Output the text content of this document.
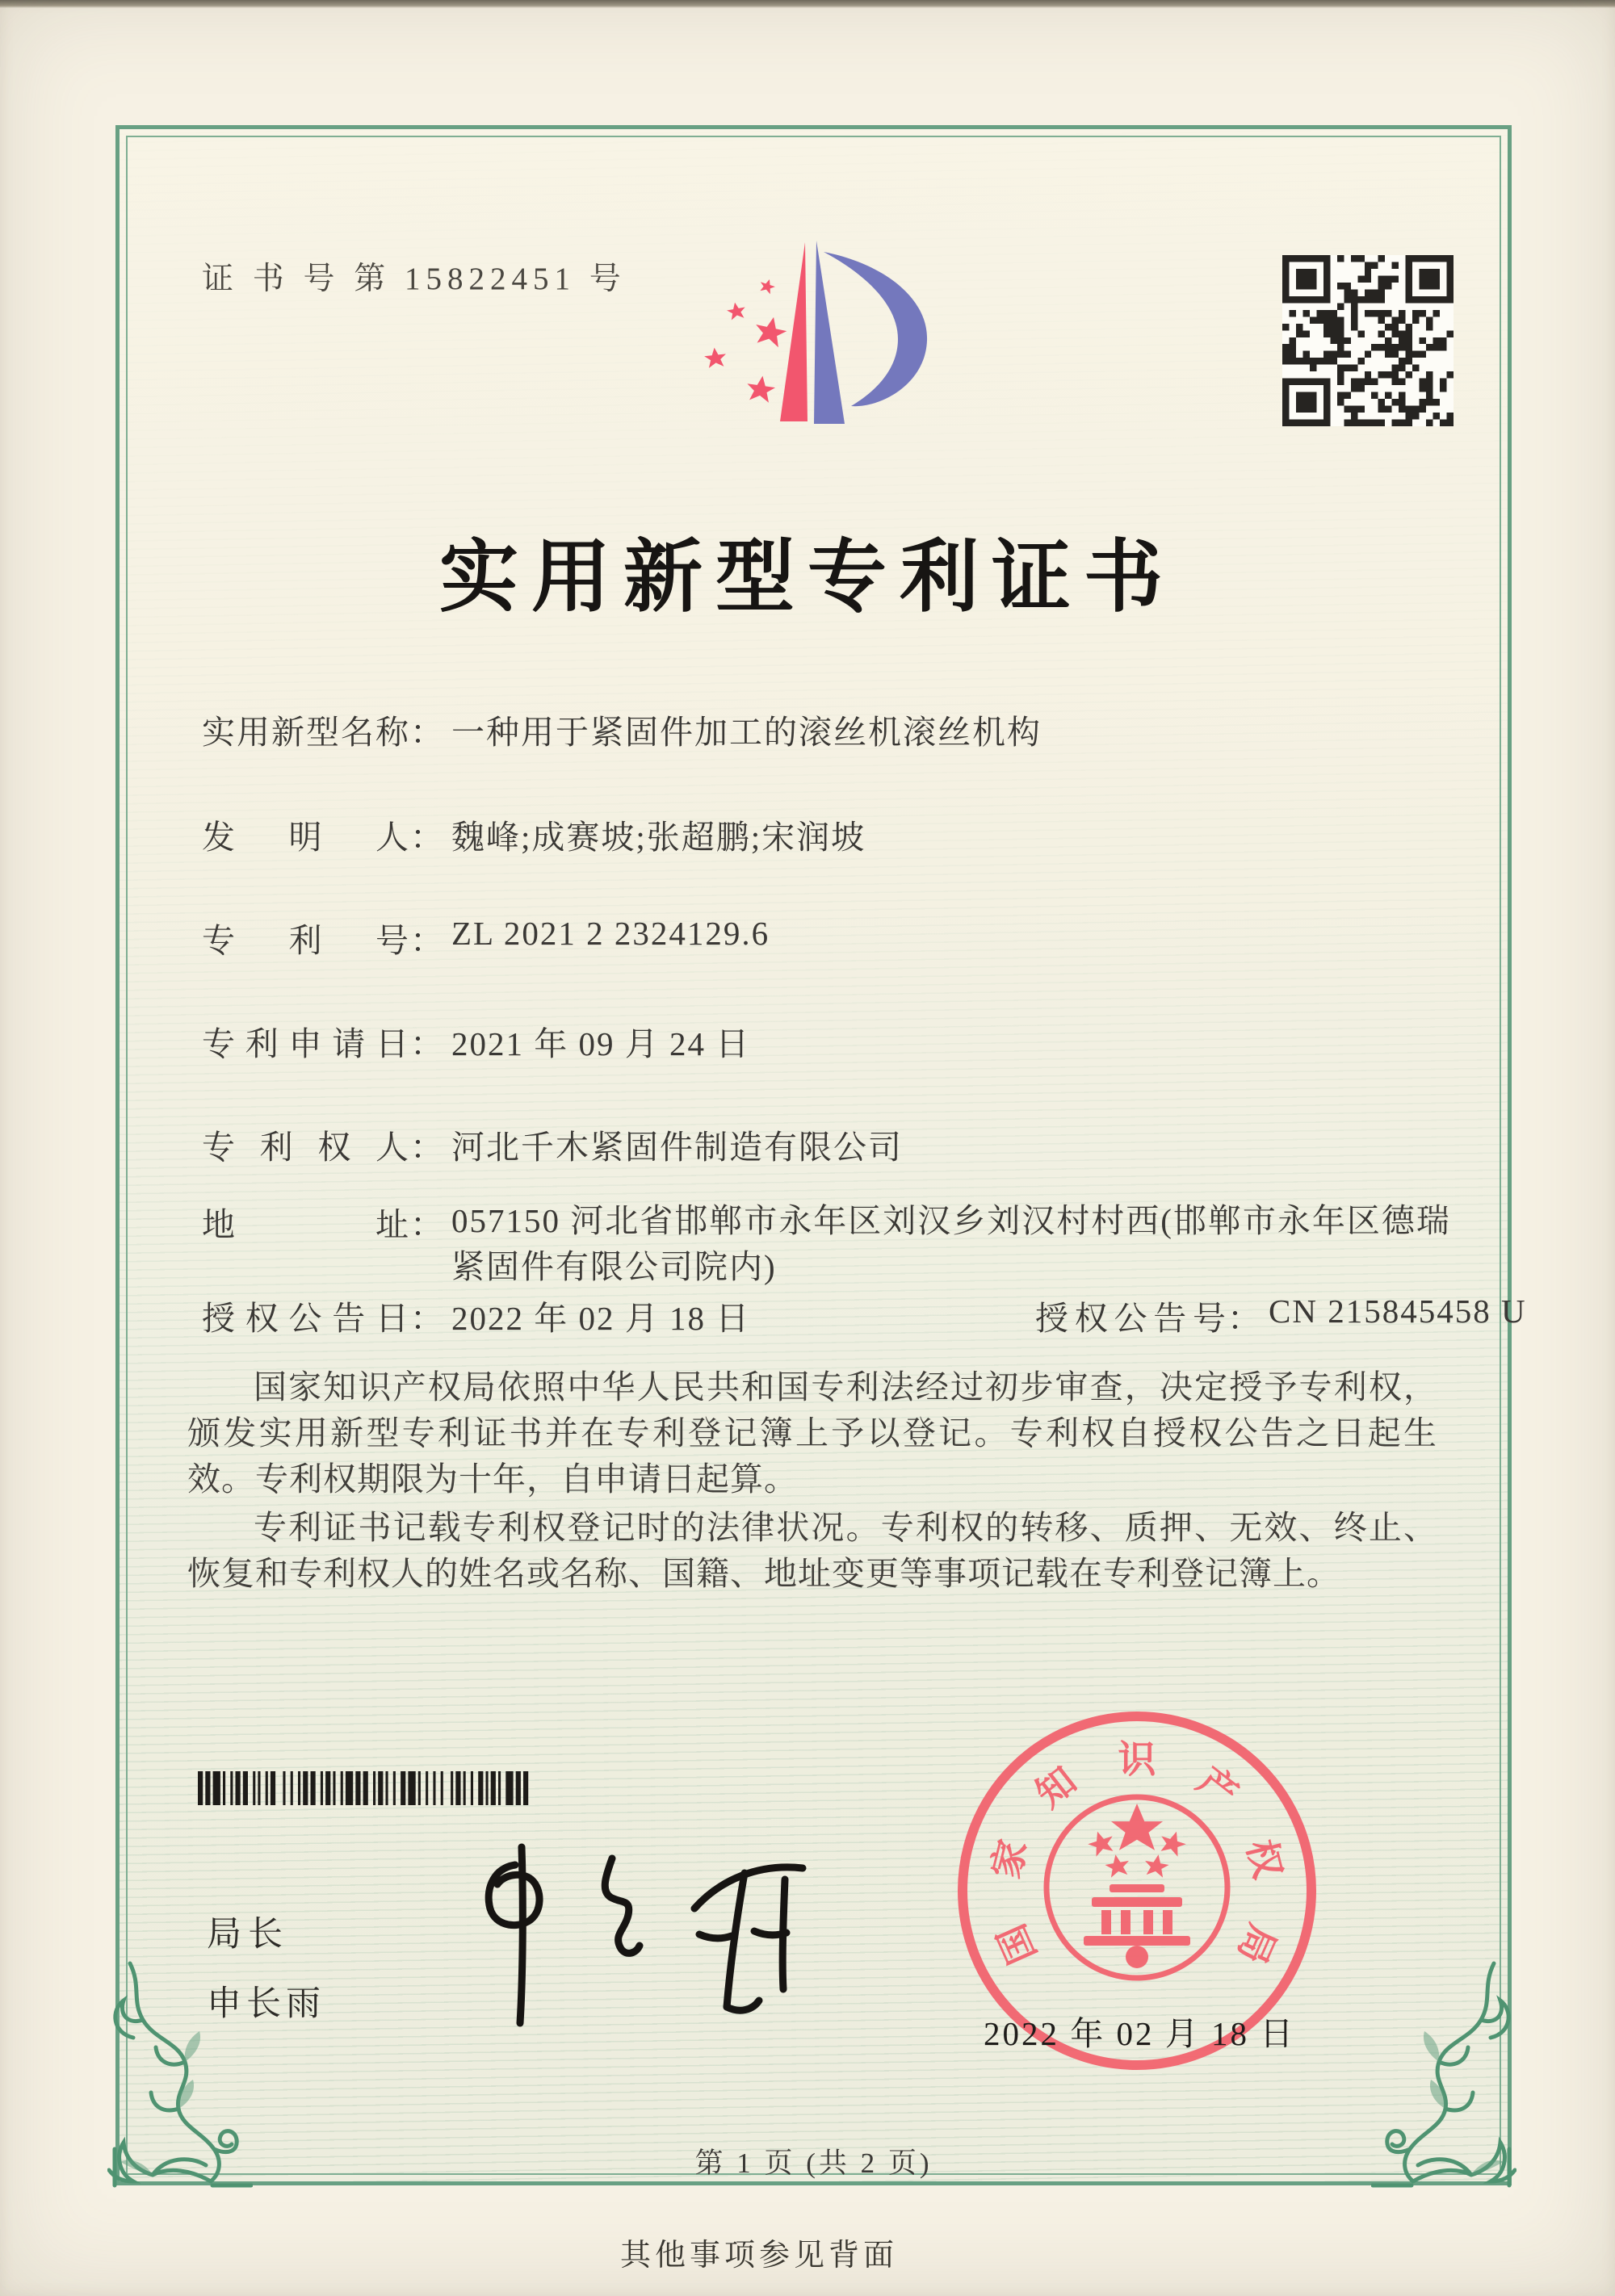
证 书 号 第 15822451 号
实用新型专利证书
实用新型名称： 一种用于紧固件加工的滚丝机滚丝机构
发明人： 魏峰;成赛坡;张超鹏;宋润坡
专利号： ZL 2021 2 2324129.6
专利申请日： 2021 年 09 月 24 日
专利权人： 河北千木紧固件制造有限公司
地址： 057150 河北省邯郸市永年区刘汉乡刘汉村村西(邯郸市永年区德瑞紧固件有限公司院内)
授权公告日： 2022 年 02 月 18 日	授权公告号： CN 215845458 U

国家知识产权局依照中华人民共和国专利法经过初步审查，决定授予专利权，颁发实用新型专利证书并在专利登记簿上予以登记。专利权自授权公告之日起生效。专利权期限为十年，自申请日起算。

专利证书记载专利权登记时的法律状况。专利权的转移、质押、无效、终止、恢复和专利权人的姓名或名称、国籍、地址变更等事项记载在专利登记簿上。

局长
申长雨
国
家
知 识 产
权
局
2022 年 02 月 18 日
第 1 页 (共 2 页)
其他事项参见背面
